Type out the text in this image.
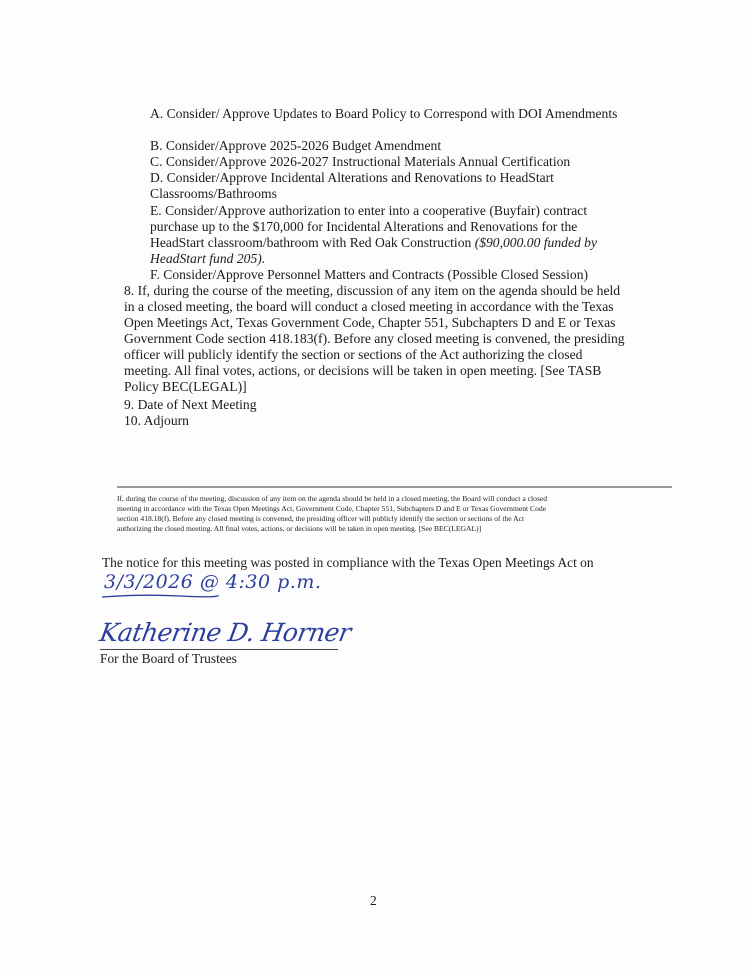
A. Consider/ Approve Updates to Board Policy to Correspond with DOI Amendments
B. Consider/Approve 2025-2026 Budget Amendment
C. Consider/Approve 2026-2027 Instructional Materials Annual Certification
D. Consider/Approve Incidental Alterations and Renovations to HeadStart
Classrooms/Bathrooms
E. Consider/Approve authorization to enter into a cooperative (Buyfair) contract
purchase up to the $170,000 for Incidental Alterations and Renovations for the
HeadStart classroom/bathroom with Red Oak Construction ($90,000.00 funded by
HeadStart fund 205).
F. Consider/Approve Personnel Matters and Contracts (Possible Closed Session)
8. If, during the course of the meeting, discussion of any item on the agenda should be held
in a closed meeting, the board will conduct a closed meeting in accordance with the Texas
Open Meetings Act, Texas Government Code, Chapter 551, Subchapters D and E or Texas
Government Code section 418.183(f). Before any closed meeting is convened, the presiding
officer will publicly identify the section or sections of the Act authorizing the closed
meeting. All final votes, actions, or decisions will be taken in open meeting. [See TASB
Policy BEC(LEGAL)]
9. Date of Next Meeting
10. Adjourn
If, during the course of the meeting, discussion of any item on the agenda should be held in a closed meeting, the Board will conduct a closed
meeting in accordance with the Texas Open Meetings Act, Government Code, Chapter 551, Subchapters D and E or Texas Government Code
section 418.18(f). Before any closed meeting is convened, the presiding officer will publicly identify the section or sections of the Act
authorizing the closed meeting. All final votes, actions, or decisions will be taken in open meeting. [See BEC(LEGAL)]
The notice for this meeting was posted in compliance with the Texas Open Meetings Act on
3/3/2026 @ 4:30 p.m.
Katherine D. Horner
For the Board of Trustees
2
